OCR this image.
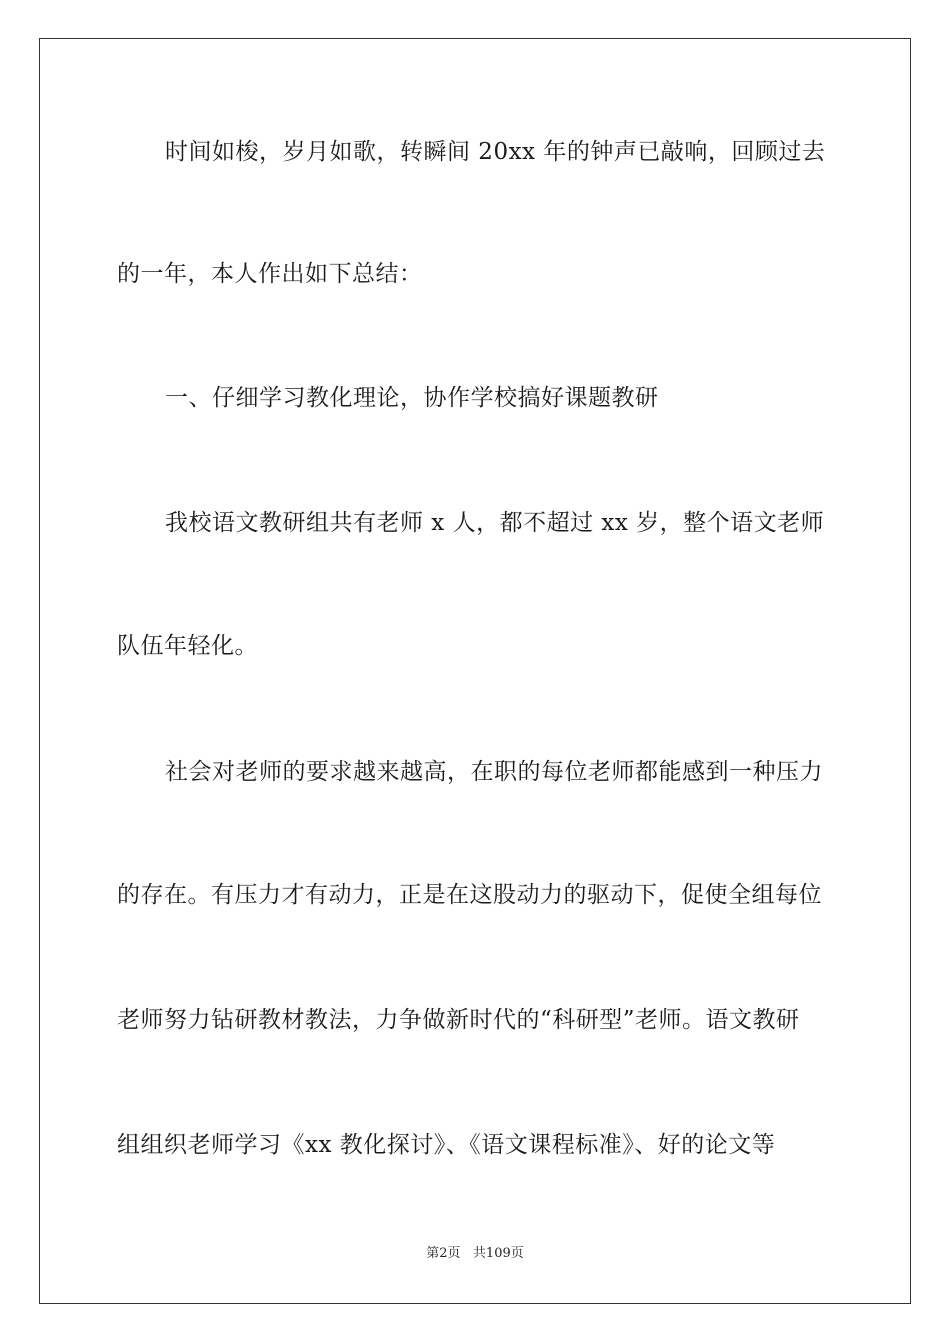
时间如梭，岁月如歌，转瞬间 20xx 年的钟声已敲响，回顾过去
的一年，本人作出如下总结：
一、仔细学习教化理论，协作学校搞好课题教研
我校语文教研组共有老师 x 人，都不超过 xx 岁，整个语文老师
队伍年轻化。
社会对老师的要求越来越高，在职的每位老师都能感到一种压力
的存在。有压力才有动力，正是在这股动力的驱动下，促使全组每位
老师努力钻研教材教法，力争做新时代的“科研型”老师。语文教研
组组织老师学习《xx 教化探讨》、《语文课程标准》、好的论文等
第2页 共109页
